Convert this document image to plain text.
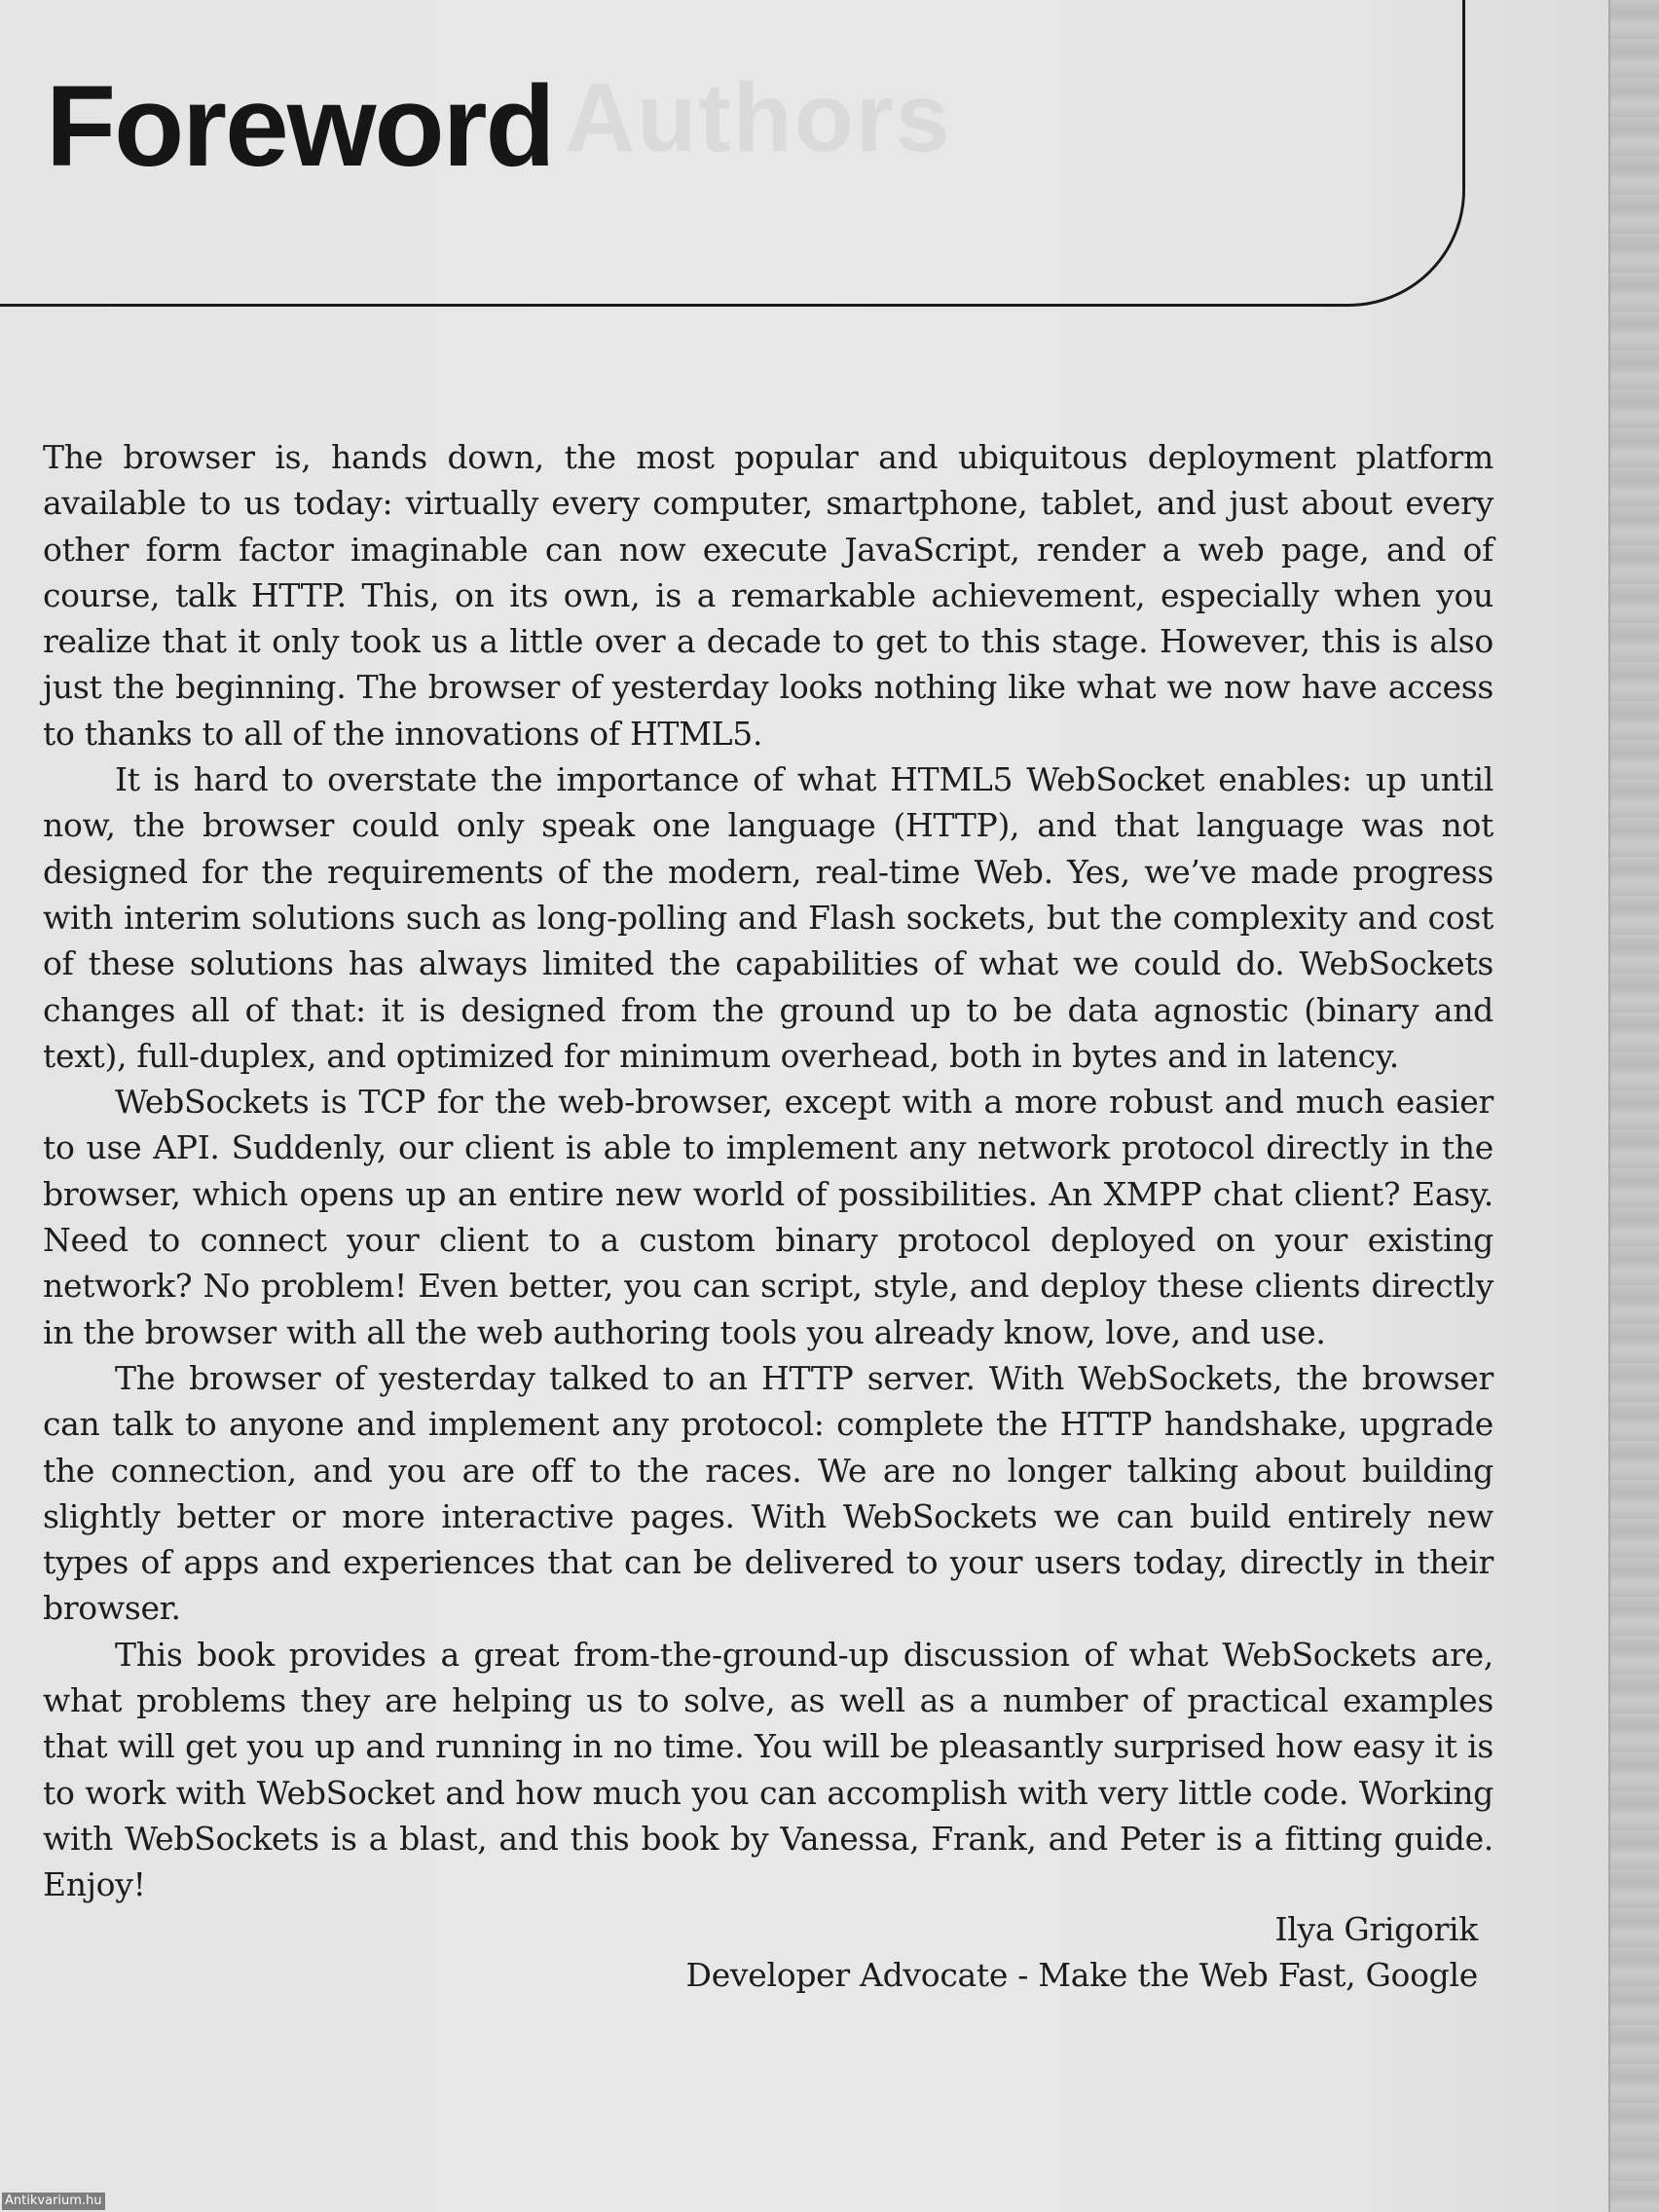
Authors
Foreword

The browser is, hands down, the most popular and ubiquitous deployment platform available to us today: virtually every computer, smartphone, tablet, and just about every other form factor imaginable can now execute JavaScript, render a web page, and of course, talk HTTP. This, on its own, is a remarkable achievement, especially when you realize that it only took us a little over a decade to get to this stage. However, this is also just the beginning. The browser of yesterday looks nothing like what we now have access to thanks to all of the innovations of HTML5.

It is hard to overstate the importance of what HTML5 WebSocket enables: up until now, the browser could only speak one language (HTTP), and that language was not designed for the requirements of the modern, real-time Web. Yes, we’ve made progress with interim solutions such as long-polling and Flash sockets, but the complexity and cost of these solutions has always limited the capabilities of what we could do. WebSockets changes all of that: it is designed from the ground up to be data agnostic (binary and text), full-duplex, and optimized for minimum overhead, both in bytes and in latency.

WebSockets is TCP for the web-browser, except with a more robust and much easier to use API. Suddenly, our client is able to implement any network protocol directly in the browser, which opens up an entire new world of possibilities. An XMPP chat client? Easy. Need to connect your client to a custom binary protocol deployed on your existing network? No problem! Even better, you can script, style, and deploy these clients directly in the browser with all the web authoring tools you already know, love, and use.

The browser of yesterday talked to an HTTP server. With WebSockets, the browser can talk to anyone and implement any protocol: complete the HTTP handshake, upgrade the connection, and you are off to the races. We are no longer talking about building slightly better or more interactive pages. With WebSockets we can build entirely new types of apps and experiences that can be delivered to your users today, directly in their browser.

This book provides a great from-the-ground-up discussion of what WebSockets are, what problems they are helping us to solve, as well as a number of practical examples that will get you up and running in no time. You will be pleasantly surprised how easy it is to work with WebSocket and how much you can accomplish with very little code. Working with WebSockets is a blast, and this book by Vanessa, Frank, and Peter is a fitting guide. Enjoy!

Ilya Grigorik
Developer Advocate - Make the Web Fast, Google
Antikvarium.hu
